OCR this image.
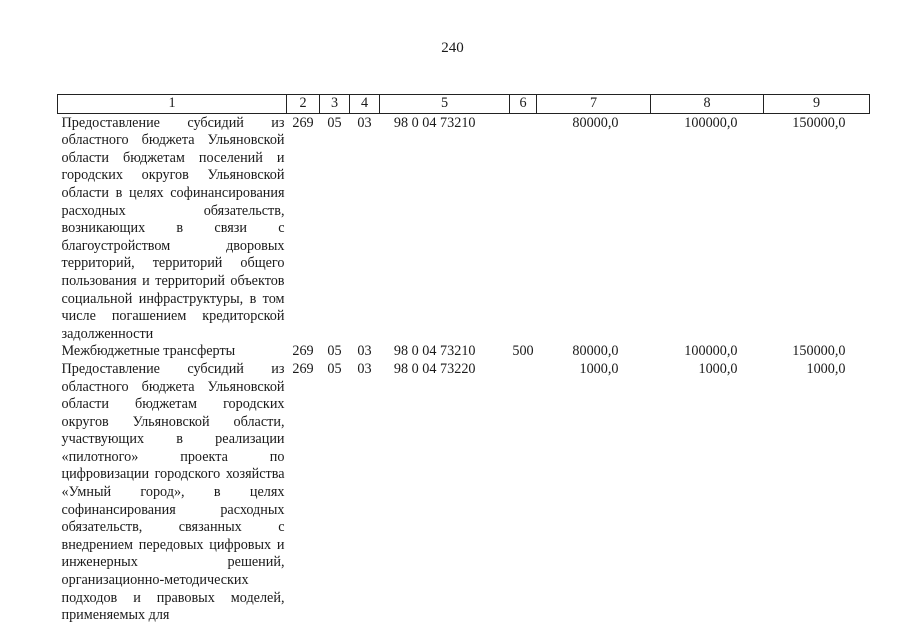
240
1	2	3	4	5	6	7	8	9
Предоставление субсидий из областного бюджета Ульяновской области бюджетам поселений и городских округов Ульяновской области в целях софинансирования расходных обязательств, возникающих в связи с благоустройством дворовых территорий, территорий общего пользования и территорий объектов социальной инфраструктуры, в том числе погашением кредиторской задолженности	269	05	03	98 0 04 73210		80000,0	100000,0	150000,0
Межбюджетные трансферты	269	05	03	98 0 04 73210	500	80000,0	100000,0	150000,0
Предоставление субсидий из областного бюджета Ульяновской области бюджетам городских округов Ульяновской области, участвующих в реализации «пилотного» проекта по цифровизации городского хозяйства «Умный город», в целях софинансирования расходных обязательств, связанных с внедрением передовых цифровых и инженерных решений, организационно-методических подходов и правовых моделей, применяемых для	269	05	03	98 0 04 73220		1000,0	1000,0	1000,0
